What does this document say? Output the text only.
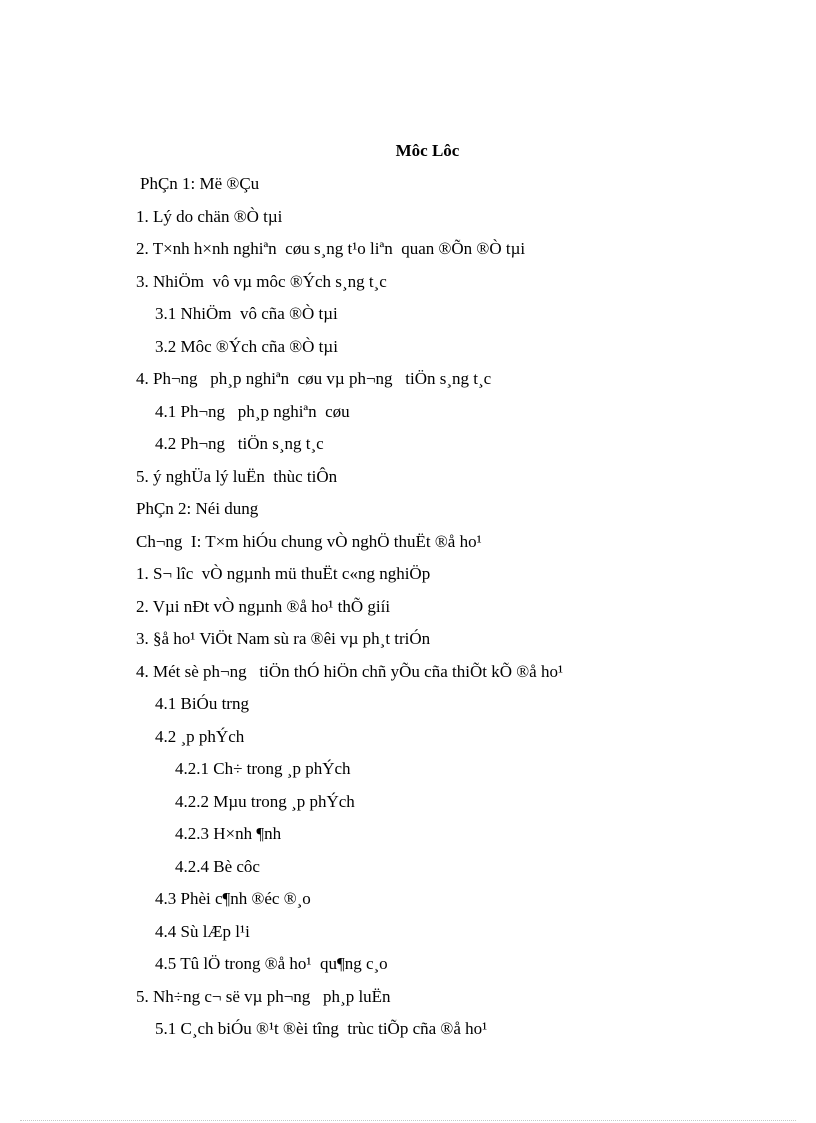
Môc Lôc
PhÇn 1: Më ®Çu
1. Lý do chän ®Ò tµi
2. T×nh h×nh nghiªn  cøu s¸ng t¹o liªn  quan ®Õn ®Ò tµi
3. NhiÖm  vô vµ môc ®Ých s¸ng t¸c
3.1 NhiÖm  vô cña ®Ò tµi
3.2 Môc ®Ých cña ®Ò tµi
4. Ph¬ng   ph¸p nghiªn  cøu vµ ph¬ng   tiÖn s¸ng t¸c
4.1 Ph¬ng   ph¸p nghiªn  cøu
4.2 Ph¬ng   tiÖn s¸ng t¸c
5. ý nghÜa lý luËn  thùc tiÔn
PhÇn 2: Néi dung
Ch¬ng  I: T×m hiÓu chung vÒ nghÖ thuËt ®å ho¹
1. S¬ lîc  vÒ ngµnh mü thuËt c«ng nghiÖp
2. Vµi nÐt vÒ ngµnh ®å ho¹ thÕ giíi
3. §å ho¹ ViÖt Nam sù ra ®êi vµ ph¸t triÓn
4. Mét sè ph¬ng   tiÖn thÓ hiÖn chñ yÕu cña thiÕt kÕ ®å ho¹
4.1 BiÓu trng
4.2 ¸p phÝch
4.2.1 Ch÷ trong ¸p phÝch
4.2.2 Mµu trong ¸p phÝch
4.2.3 H×nh ¶nh
4.2.4 Bè côc
4.3 Phèi c¶nh ®éc ®¸o
4.4 Sù lÆp l¹i
4.5 Tû lÖ trong ®å ho¹  qu¶ng c¸o
5. Nh÷ng c¬ së vµ ph¬ng   ph¸p luËn
5.1 C¸ch biÓu ®¹t ®èi tîng  trùc tiÕp cña ®å ho¹
